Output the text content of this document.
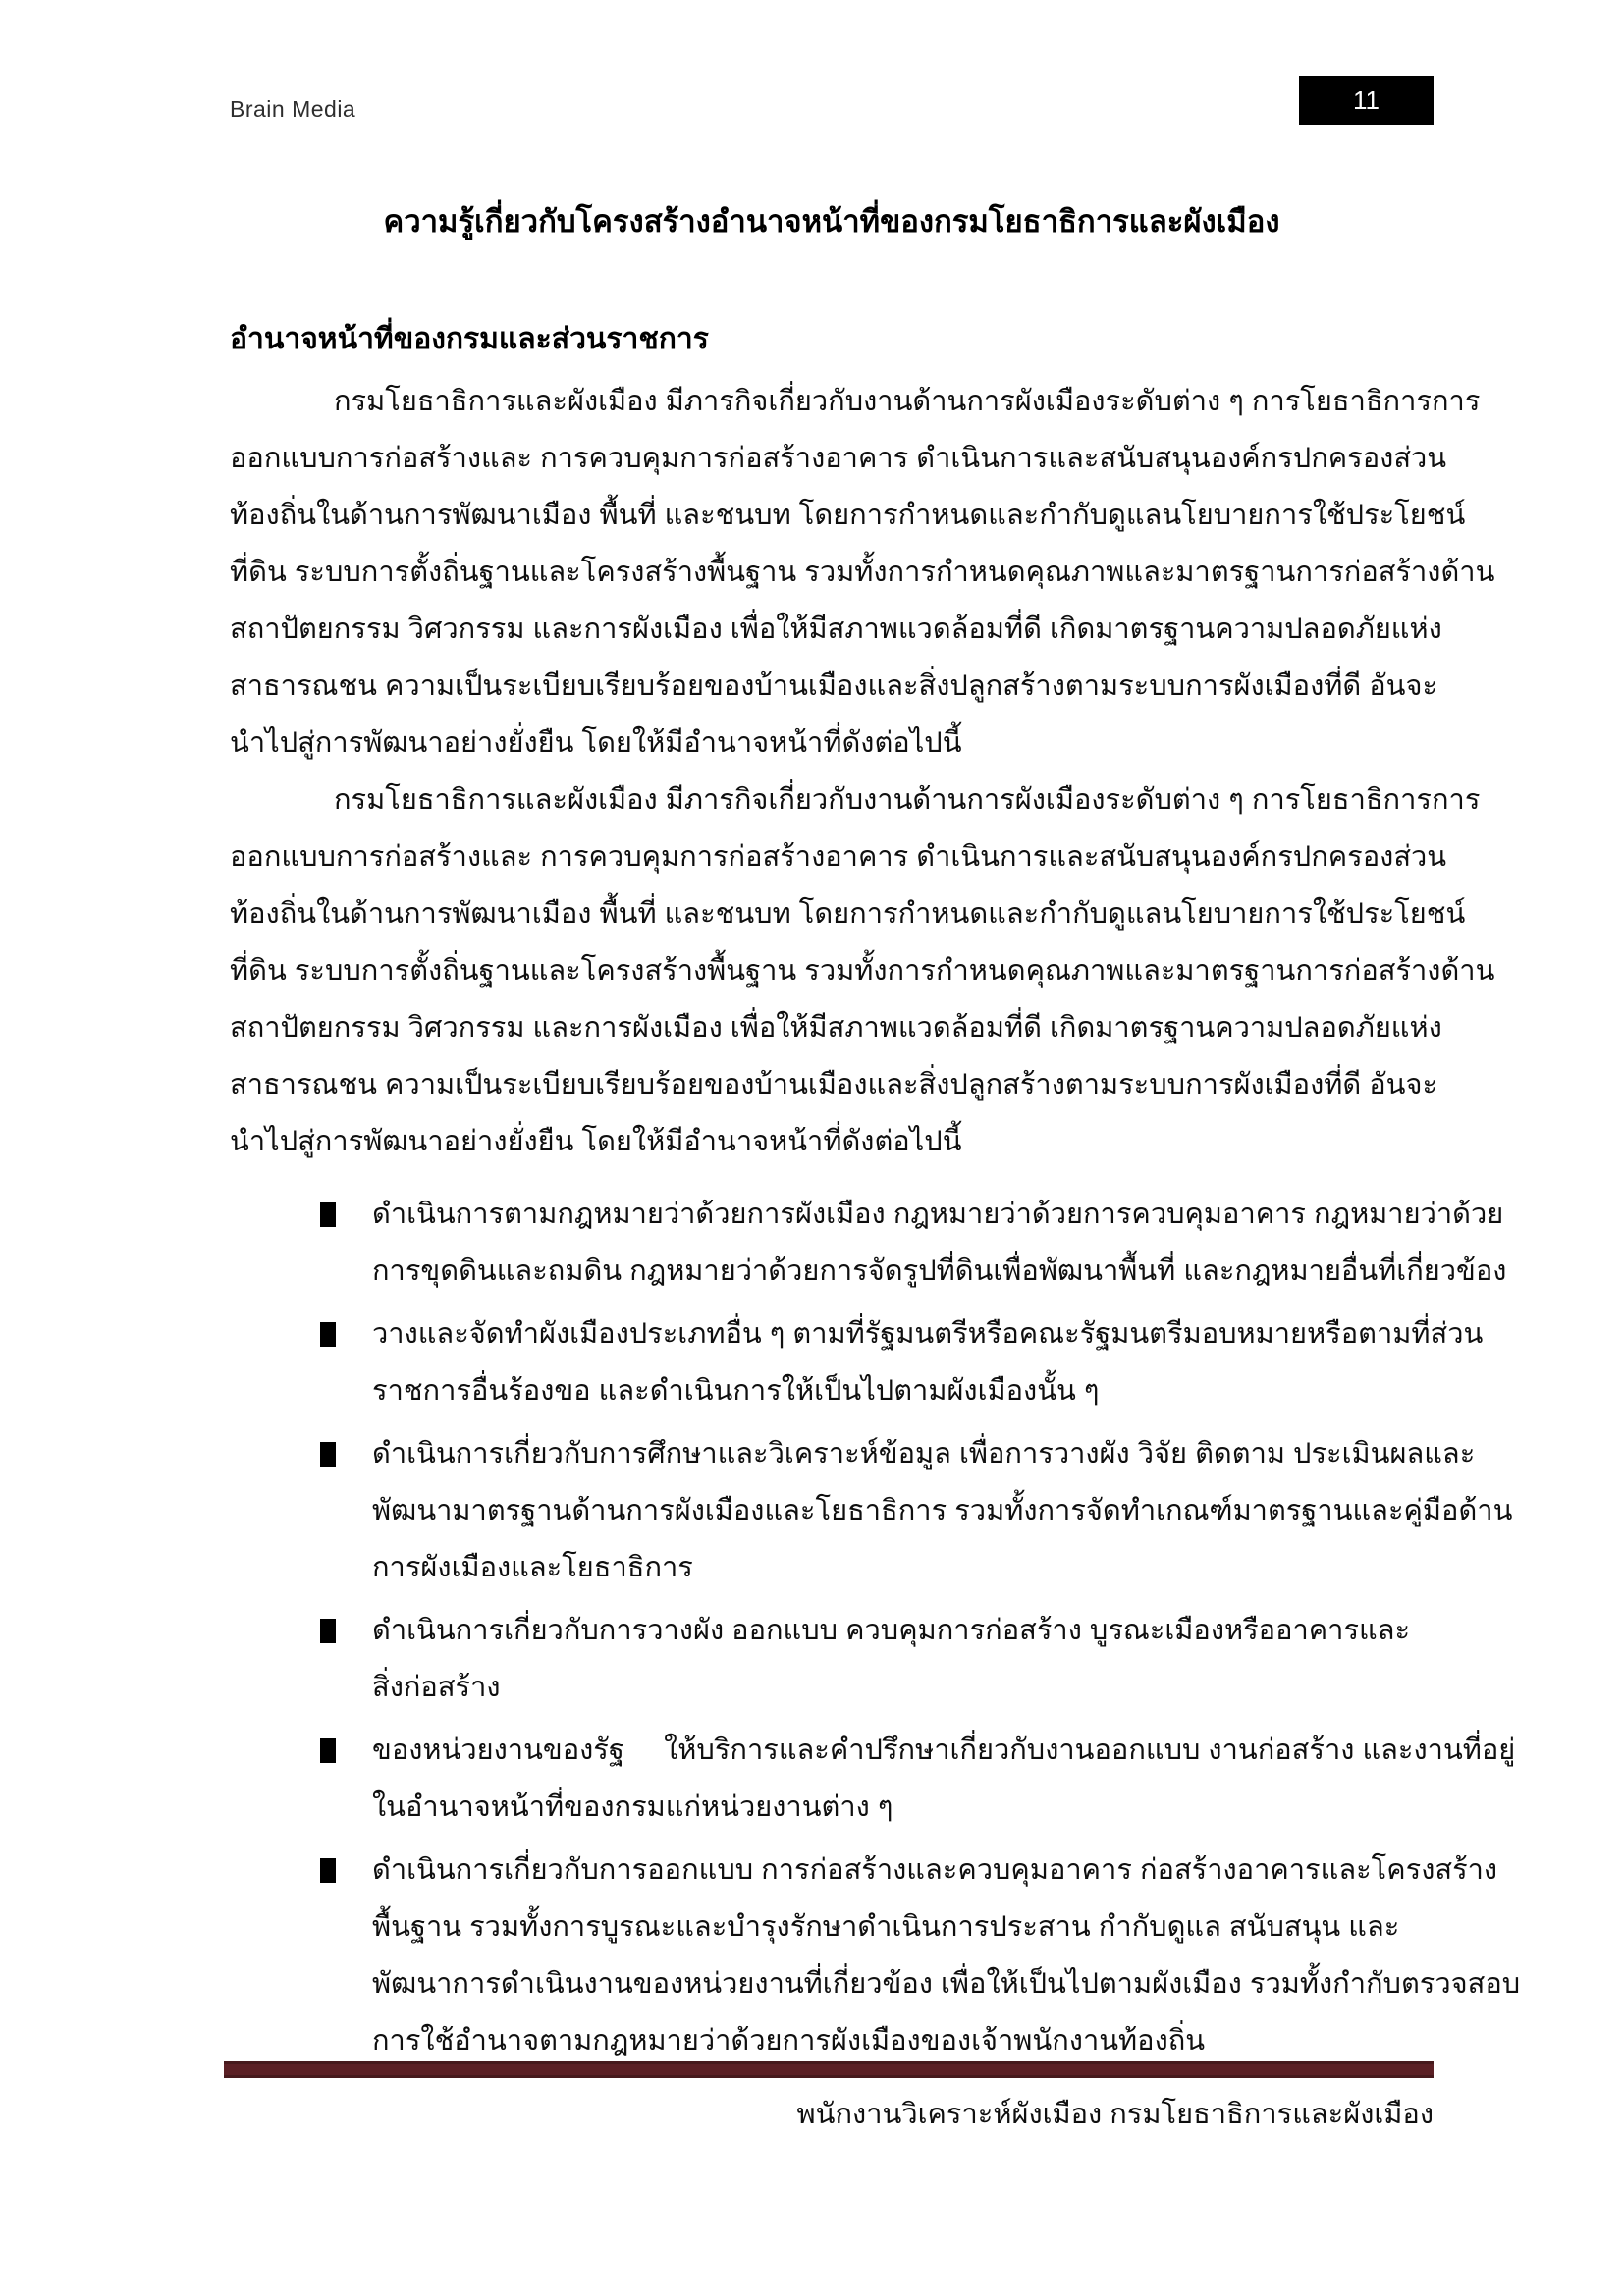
Brain Media	11
ความรู้เกี่ยวกับโครงสร้างอำนาจหน้าที่ของกรมโยธาธิการและผังเมือง
อำนาจหน้าที่ของกรมและส่วนราชการ
กรมโยธาธิการและผังเมือง มีภารกิจเกี่ยวกับงานด้านการผังเมืองระดับต่าง ๆ การโยธาธิการการ
ออกแบบการก่อสร้างและ การควบคุมการก่อสร้างอาคาร ดำเนินการและสนับสนุนองค์กรปกครองส่วน
ท้องถิ่นในด้านการพัฒนาเมือง พื้นที่ และชนบท โดยการกำหนดและกำกับดูแลนโยบายการใช้ประโยชน์
ที่ดิน ระบบการตั้งถิ่นฐานและโครงสร้างพื้นฐาน รวมทั้งการกำหนดคุณภาพและมาตรฐานการก่อสร้างด้าน
สถาปัตยกรรม วิศวกรรม และการผังเมือง เพื่อให้มีสภาพแวดล้อมที่ดี เกิดมาตรฐานความปลอดภัยแห่ง
สาธารณชน ความเป็นระเบียบเรียบร้อยของบ้านเมืองและสิ่งปลูกสร้างตามระบบการผังเมืองที่ดี อันจะ
นำไปสู่การพัฒนาอย่างยั่งยืน โดยให้มีอำนาจหน้าที่ดังต่อไปนี้
กรมโยธาธิการและผังเมือง มีภารกิจเกี่ยวกับงานด้านการผังเมืองระดับต่าง ๆ การโยธาธิการการ
ออกแบบการก่อสร้างและ การควบคุมการก่อสร้างอาคาร ดำเนินการและสนับสนุนองค์กรปกครองส่วน
ท้องถิ่นในด้านการพัฒนาเมือง พื้นที่ และชนบท โดยการกำหนดและกำกับดูแลนโยบายการใช้ประโยชน์
ที่ดิน ระบบการตั้งถิ่นฐานและโครงสร้างพื้นฐาน รวมทั้งการกำหนดคุณภาพและมาตรฐานการก่อสร้างด้าน
สถาปัตยกรรม วิศวกรรม และการผังเมือง เพื่อให้มีสภาพแวดล้อมที่ดี เกิดมาตรฐานความปลอดภัยแห่ง
สาธารณชน ความเป็นระเบียบเรียบร้อยของบ้านเมืองและสิ่งปลูกสร้างตามระบบการผังเมืองที่ดี อันจะ
นำไปสู่การพัฒนาอย่างยั่งยืน โดยให้มีอำนาจหน้าที่ดังต่อไปนี้
ดำเนินการตามกฎหมายว่าด้วยการผังเมือง กฎหมายว่าด้วยการควบคุมอาคาร กฎหมายว่าด้วย
การขุดดินและถมดิน กฎหมายว่าด้วยการจัดรูปที่ดินเพื่อพัฒนาพื้นที่ และกฎหมายอื่นที่เกี่ยวข้อง
วางและจัดทำผังเมืองประเภทอื่น ๆ ตามที่รัฐมนตรีหรือคณะรัฐมนตรีมอบหมายหรือตามที่ส่วน
ราชการอื่นร้องขอ และดำเนินการให้เป็นไปตามผังเมืองนั้น ๆ
ดำเนินการเกี่ยวกับการศึกษาและวิเคราะห์ข้อมูล เพื่อการวางผัง วิจัย ติดตาม ประเมินผลและ
พัฒนามาตรฐานด้านการผังเมืองและโยธาธิการ รวมทั้งการจัดทำเกณฑ์มาตรฐานและคู่มือด้าน
การผังเมืองและโยธาธิการ
ดำเนินการเกี่ยวกับการวางผัง ออกแบบ ควบคุมการก่อสร้าง บูรณะเมืองหรืออาคารและ
สิ่งก่อสร้าง
ของหน่วยงานของรัฐ     ให้บริการและคำปรึกษาเกี่ยวกับงานออกแบบ งานก่อสร้าง และงานที่อยู่
ในอำนาจหน้าที่ของกรมแก่หน่วยงานต่าง ๆ
ดำเนินการเกี่ยวกับการออกแบบ การก่อสร้างและควบคุมอาคาร ก่อสร้างอาคารและโครงสร้าง
พื้นฐาน รวมทั้งการบูรณะและบำรุงรักษาดำเนินการประสาน กำกับดูแล สนับสนุน และ
พัฒนาการดำเนินงานของหน่วยงานที่เกี่ยวข้อง เพื่อให้เป็นไปตามผังเมือง รวมทั้งกำกับตรวจสอบ
การใช้อำนาจตามกฎหมายว่าด้วยการผังเมืองของเจ้าพนักงานท้องถิ่น
พนักงานวิเคราะห์ผังเมือง กรมโยธาธิการและผังเมือง
